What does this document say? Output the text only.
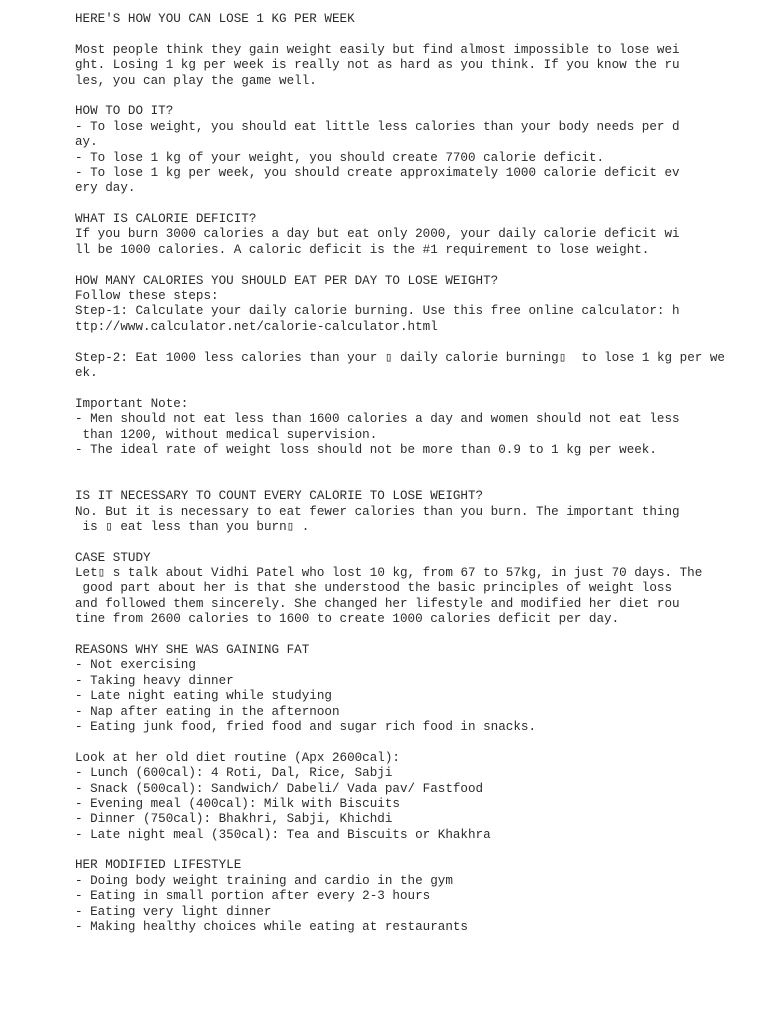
HERE'S HOW YOU CAN LOSE 1 KG PER WEEK
Most people think they gain weight easily but find almost impossible to lose wei
ght. Losing 1 kg per week is really not as hard as you think. If you know the ru
les, you can play the game well.
HOW TO DO IT?
- To lose weight, you should eat little less calories than your body needs per d
ay.
- To lose 1 kg of your weight, you should create 7700 calorie deficit.
- To lose 1 kg per week, you should create approximately 1000 calorie deficit ev
ery day.
WHAT IS CALORIE DEFICIT?
If you burn 3000 calories a day but eat only 2000, your daily calorie deficit wi
ll be 1000 calories. A caloric deficit is the #1 requirement to lose weight.
HOW MANY CALORIES YOU SHOULD EAT PER DAY TO LOSE WEIGHT?
Follow these steps:
Step-1: Calculate your daily calorie burning. Use this free online calculator: h
ttp://www.calculator.net/calorie-calculator.html
Step-2: Eat 1000 less calories than your ▯ daily calorie burning▯  to lose 1 kg per we
ek.
Important Note:
- Men should not eat less than 1600 calories a day and women should not eat less
than 1200, without medical supervision.
- The ideal rate of weight loss should not be more than 0.9 to 1 kg per week.
IS IT NECESSARY TO COUNT EVERY CALORIE TO LOSE WEIGHT?
No. But it is necessary to eat fewer calories than you burn. The important thing
is ▯ eat less than you burn▯ .
CASE STUDY
Let▯ s talk about Vidhi Patel who lost 10 kg, from 67 to 57kg, in just 70 days. The
good part about her is that she understood the basic principles of weight loss
and followed them sincerely. She changed her lifestyle and modified her diet rou
tine from 2600 calories to 1600 to create 1000 calories deficit per day.
REASONS WHY SHE WAS GAINING FAT
- Not exercising
- Taking heavy dinner
- Late night eating while studying
- Nap after eating in the afternoon
- Eating junk food, fried food and sugar rich food in snacks.
Look at her old diet routine (Apx 2600cal):
- Lunch (600cal): 4 Roti, Dal, Rice, Sabji
- Snack (500cal): Sandwich/ Dabeli/ Vada pav/ Fastfood
- Evening meal (400cal): Milk with Biscuits
- Dinner (750cal): Bhakhri, Sabji, Khichdi
- Late night meal (350cal): Tea and Biscuits or Khakhra
HER MODIFIED LIFESTYLE
- Doing body weight training and cardio in the gym
- Eating in small portion after every 2-3 hours
- Eating very light dinner
- Making healthy choices while eating at restaurants
